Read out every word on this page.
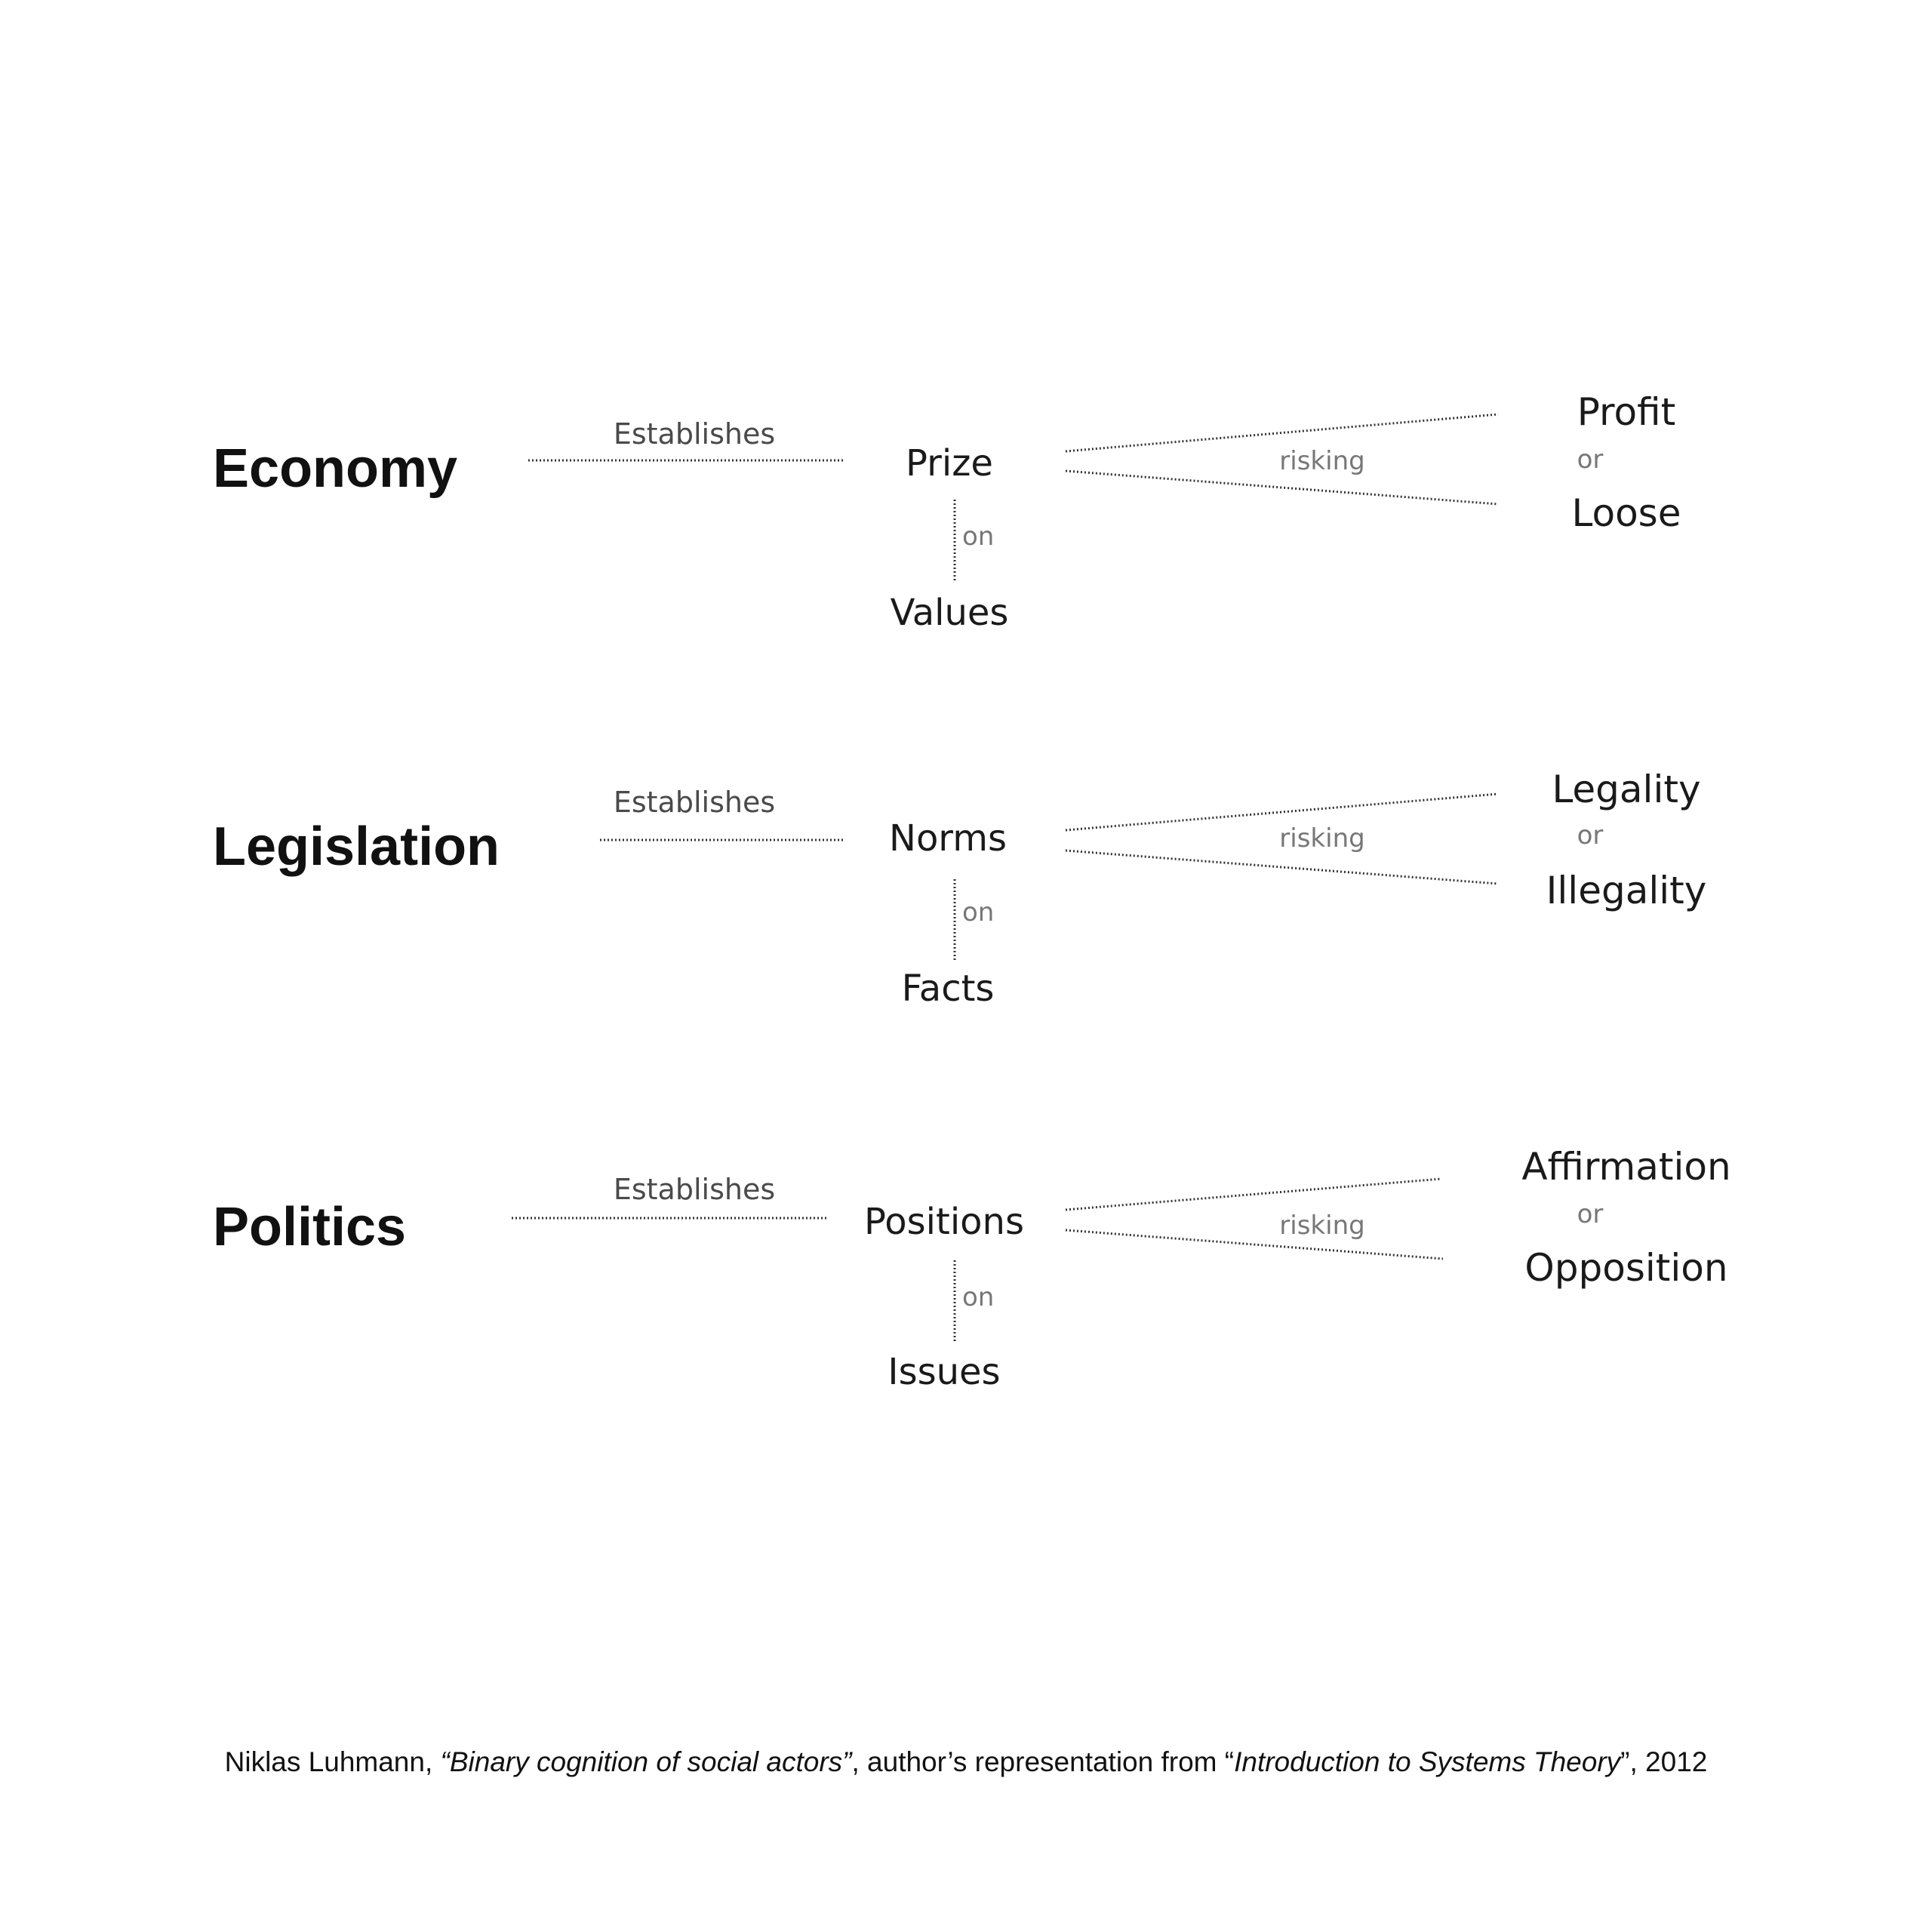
Economy
Establishes
Prize
on
Values
risking
Profit
or
Loose
Legislation
Establishes
Norms
on
Facts
risking
Legality
or
Illegality
Politics
Establishes
Positions
on
Issues
risking
Affirmation
or
Opposition
Niklas Luhmann, “Binary cognition of social actors”, author’s representation from “Introduction to Systems Theory”, 2012
